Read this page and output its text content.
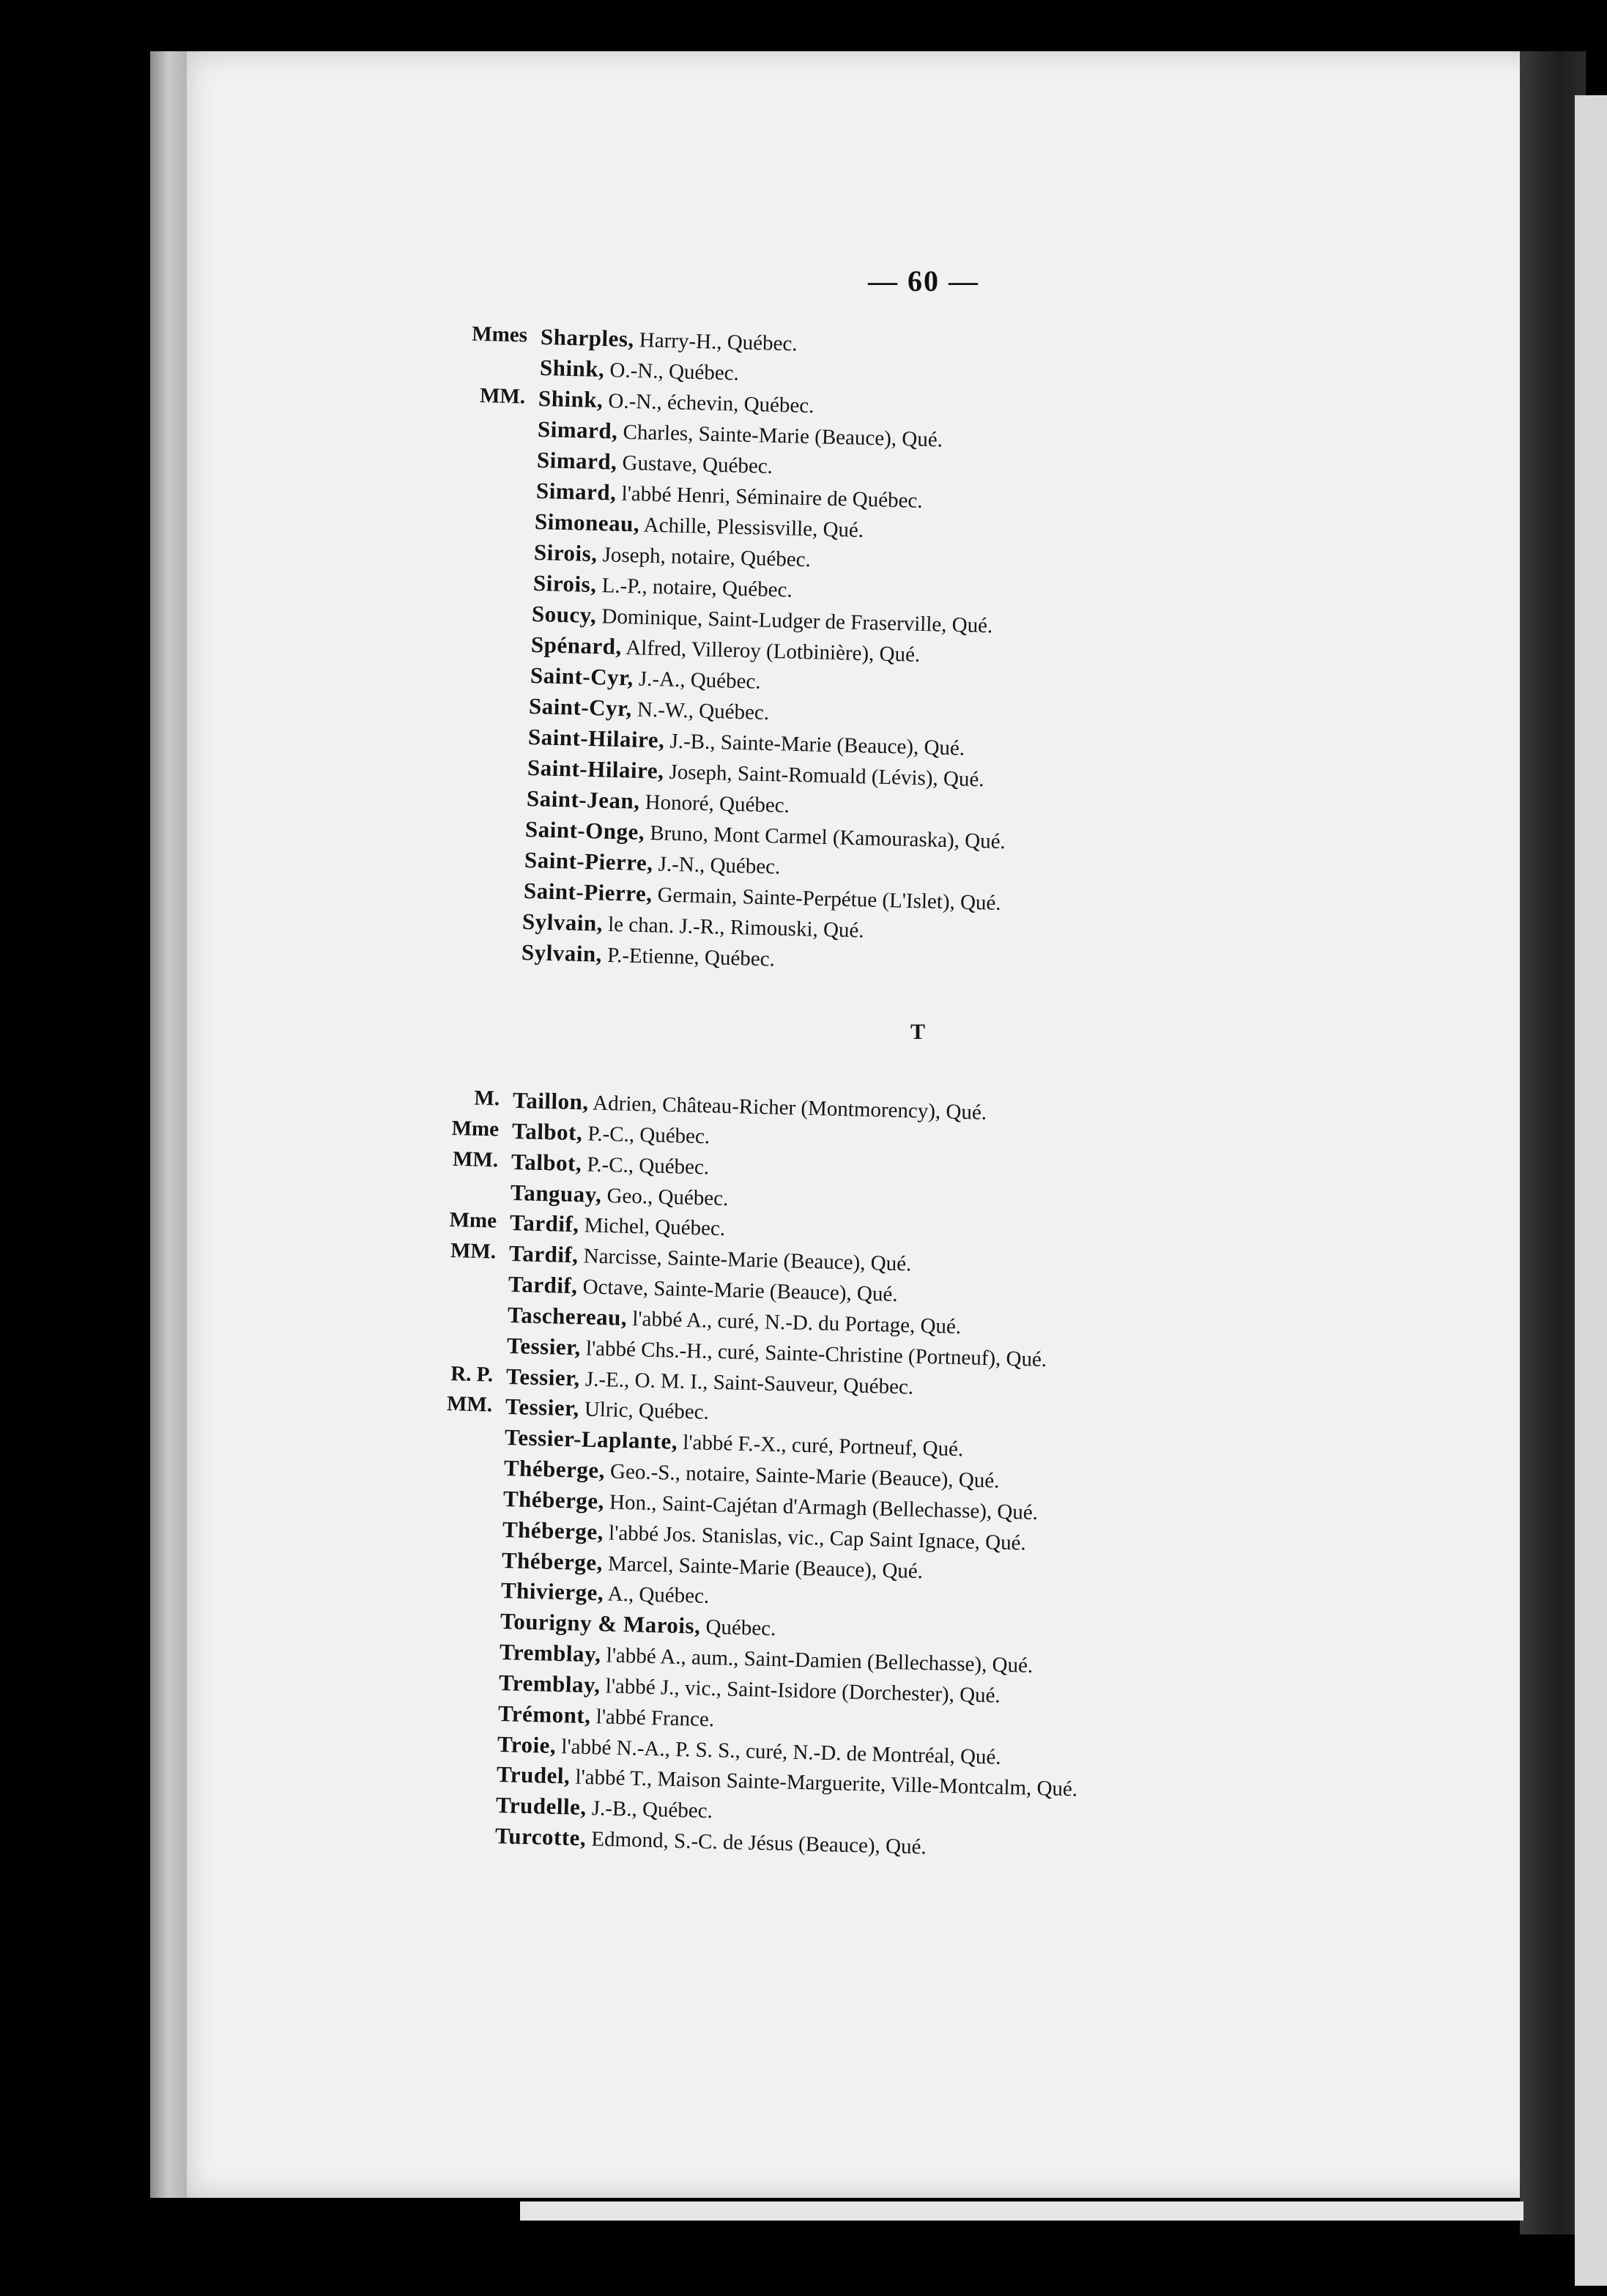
— 60 —
Mmes Sharples, Harry-H., Québec.
Shink, O.-N., Québec.
MM. Shink, O.-N., échevin, Québec.
Simard, Charles, Sainte-Marie (Beauce), Qué.
Simard, Gustave, Québec.
Simard, l'abbé Henri, Séminaire de Québec.
Simoneau, Achille, Plessisville, Qué.
Sirois, Joseph, notaire, Québec.
Sirois, L.-P., notaire, Québec.
Soucy, Dominique, Saint-Ludger de Fraserville, Qué.
Spénard, Alfred, Villeroy (Lotbinière), Qué.
Saint-Cyr, J.-A., Québec.
Saint-Cyr, N.-W., Québec.
Saint-Hilaire, J.-B., Sainte-Marie (Beauce), Qué.
Saint-Hilaire, Joseph, Saint-Romuald (Lévis), Qué.
Saint-Jean, Honoré, Québec.
Saint-Onge, Bruno, Mont Carmel (Kamouraska), Qué.
Saint-Pierre, J.-N., Québec.
Saint-Pierre, Germain, Sainte-Perpétue (L'Islet), Qué.
Sylvain, le chan. J.-R., Rimouski, Qué.
Sylvain, P.-Etienne, Québec.
T
M. Taillon, Adrien, Château-Richer (Montmorency), Qué.
Mme Talbot, P.-C., Québec.
MM. Talbot, P.-C., Québec.
Tanguay, Geo., Québec.
Mme Tardif, Michel, Québec.
MM. Tardif, Narcisse, Sainte-Marie (Beauce), Qué.
Tardif, Octave, Sainte-Marie (Beauce), Qué.
Taschereau, l'abbé A., curé, N.-D. du Portage, Qué.
Tessier, l'abbé Chs.-H., curé, Sainte-Christine (Portneuf), Qué.
R. P. Tessier, J.-E., O. M. I., Saint-Sauveur, Québec.
MM. Tessier, Ulric, Québec.
Tessier-Laplante, l'abbé F.-X., curé, Portneuf, Qué.
Théberge, Geo.-S., notaire, Sainte-Marie (Beauce), Qué.
Théberge, Hon., Saint-Cajétan d'Armagh (Bellechasse), Qué.
Théberge, l'abbé Jos. Stanislas, vic., Cap Saint Ignace, Qué.
Théberge, Marcel, Sainte-Marie (Beauce), Qué.
Thivierge, A., Québec.
Tourigny & Marois, Québec.
Tremblay, l'abbé A., aum., Saint-Damien (Bellechasse), Qué.
Tremblay, l'abbé J., vic., Saint-Isidore (Dorchester), Qué.
Trémont, l'abbé France.
Troie, l'abbé N.-A., P. S. S., curé, N.-D. de Montréal, Qué.
Trudel, l'abbé T., Maison Sainte-Marguerite, Ville-Montcalm, Qué.
Trudelle, J.-B., Québec.
Turcotte, Edmond, S.-C. de Jésus (Beauce), Qué.
